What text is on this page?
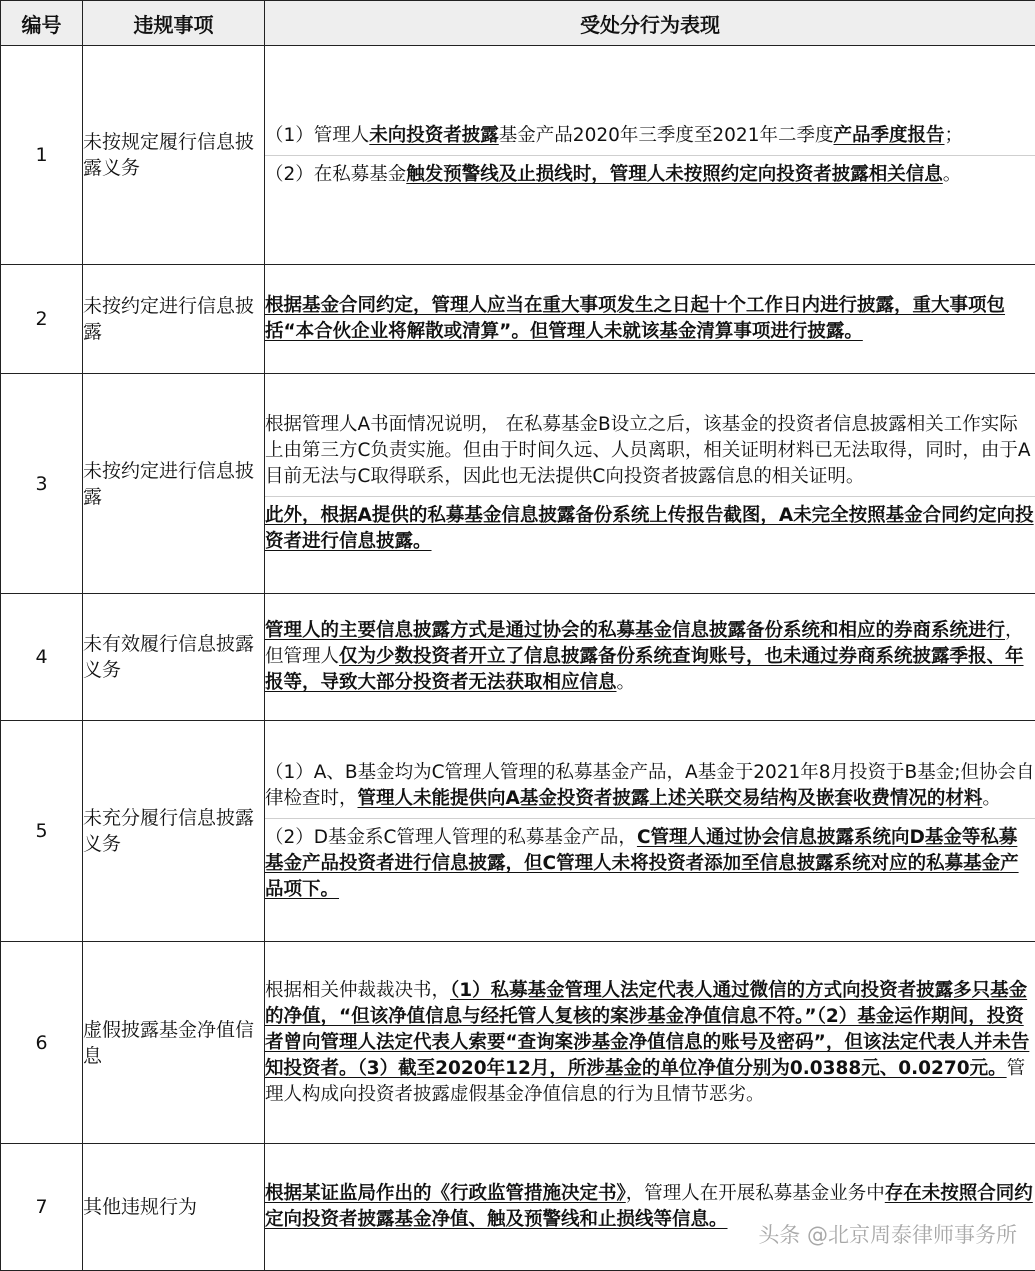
编号	违规事项	受处分行为表现
1	未按规定履行信息披露义务	（1）管理人未向投资者披露基金产品2020年三季度至2021年二季度产品季度报告；
（2）在私募基金触发预警线及止损线时，管理人未按照约定向投资者披露相关信息。

2	未按约定进行信息披露	根据基金合同约定，管理人应当在重大事项发生之日起十个工作日内进行披露，重大事项包括“本合伙企业将解散或清算”。但管理人未就该基金清算事项进行披露。

3	未按约定进行信息披露	根据管理人A书面情况说明， 在私募基金B设立之后，该基金的投资者信息披露相关工作实际上由第三方C负责实施。但由于时间久远、人员离职，相关证明材料已无法取得，同时，由于A目前无法与C取得联系，因此也无法提供C向投资者披露信息的相关证明。
此外，根据A提供的私募基金信息披露备份系统上传报告截图，A未完全按照基金合同约定向投资者进行信息披露。

4	未有效履行信息披露义务	管理人的主要信息披露方式是通过协会的私募基金信息披露备份系统和相应的券商系统进行，但管理人仅为少数投资者开立了信息披露备份系统查询账号，也未通过券商系统披露季报、年报等，导致大部分投资者无法获取相应信息。

5	未充分履行信息披露义务	（1）A、B基金均为C管理人管理的私募基金产品，A基金于2021年8月投资于B基金;但协会自律检查时，管理人未能提供向A基金投资者披露上述关联交易结构及嵌套收费情况的材料。
（2）D基金系C管理人管理的私募基金产品，C管理人通过协会信息披露系统向D基金等私募基金产品投资者进行信息披露，但C管理人未将投资者添加至信息披露系统对应的私募基金产品项下。

6	虚假披露基金净值信息	根据相关仲裁裁决书，（1）私募基金管理人法定代表人通过微信的方式向投资者披露多只基金的净值，“但该净值信息与经托管人复核的案涉基金净值信息不符。”（2）基金运作期间，投资者曾向管理人法定代表人索要“查询案涉基金净值信息的账号及密码”，但该法定代表人并未告知投资者。（3）截至2020年12月，所涉基金的单位净值分别为0.0388元、0.0270元。管理人构成向投资者披露虚假基金净值信息的行为且情节恶劣。

7	其他违规行为	根据某证监局作出的《行政监管措施决定书》，管理人在开展私募基金业务中存在未按照合同约定向投资者披露基金净值、触及预警线和止损线等信息。
头条 @北京周泰律师事务所
